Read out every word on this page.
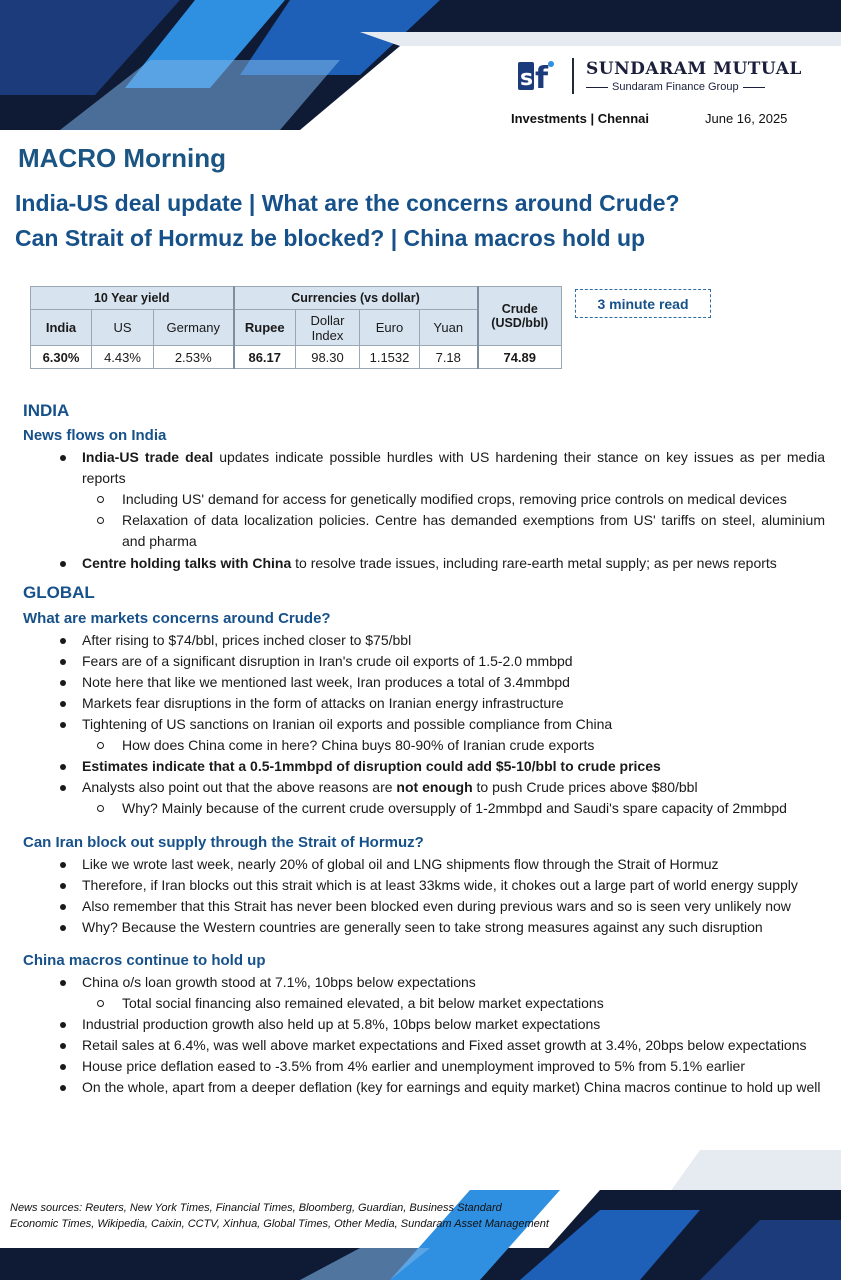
s f SUNDARAM MUTUAL
Sundaram Finance Group
Investments | Chennai	June 16, 2025
MACRO Morning
India-US deal update | What are the concerns around Crude?
Can Strait of Hormuz be blocked? | China macros hold up
10 Year yield			Currencies (vs dollar)				Crude (USD/bbl)
India	US	Germany	Rupee	Dollar Index	Euro	Yuan	
6.30%	4.43%	2.53%	86.17	98.30	1.1532	7.18	74.89
3 minute read
INDIA
News flows on India
India-US trade deal updates indicate possible hurdles with US hardening their stance on key issues as per media reports
Including US' demand for access for genetically modified crops, removing price controls on medical devices
Relaxation of data localization policies. Centre has demanded exemptions from US' tariffs on steel, aluminium and pharma
Centre holding talks with China to resolve trade issues, including rare-earth metal supply; as per news reports
GLOBAL
What are markets concerns around Crude?
After rising to $74/bbl, prices inched closer to $75/bbl
Fears are of a significant disruption in Iran's crude oil exports of 1.5-2.0 mmbpd
Note here that like we mentioned last week, Iran produces a total of 3.4mmbpd
Markets fear disruptions in the form of attacks on Iranian energy infrastructure
Tightening of US sanctions on Iranian oil exports and possible compliance from China
How does China come in here? China buys 80-90% of Iranian crude exports
Estimates indicate that a 0.5-1mmbpd of disruption could add $5-10/bbl to crude prices
Analysts also point out that the above reasons are not enough to push Crude prices above $80/bbl
Why? Mainly because of the current crude oversupply of 1-2mmbpd and Saudi's spare capacity of 2mmbpd
Can Iran block out supply through the Strait of Hormuz?
Like we wrote last week, nearly 20% of global oil and LNG shipments flow through the Strait of Hormuz
Therefore, if Iran blocks out this strait which is at least 33kms wide, it chokes out a large part of world energy supply
Also remember that this Strait has never been blocked even during previous wars and so is seen very unlikely now
Why? Because the Western countries are generally seen to take strong measures against any such disruption
China macros continue to hold up
China o/s loan growth stood at 7.1%, 10bps below expectations
Total social financing also remained elevated, a bit below market expectations
Industrial production growth also held up at 5.8%, 10bps below market expectations
Retail sales at 6.4%, was well above market expectations and Fixed asset growth at 3.4%, 20bps below expectations
House price deflation eased to -3.5% from 4% earlier and unemployment improved to 5% from 5.1% earlier
On the whole, apart from a deeper deflation (key for earnings and equity market) China macros continue to hold up well
News sources: Reuters, New York Times, Financial Times, Bloomberg, Guardian, Business Standard
Economic Times, Wikipedia, Caixin, CCTV, Xinhua, Global Times, Other Media, Sundaram Asset Management
